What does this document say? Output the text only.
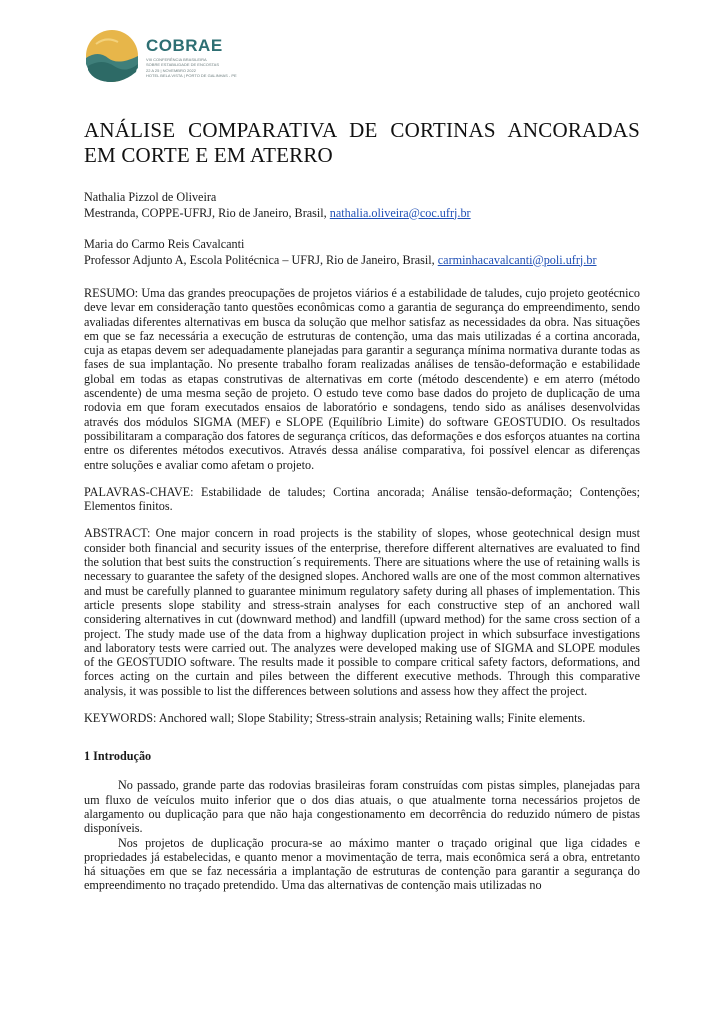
COBRAE
VIII CONFERÊNCIA BRASILEIRA
SOBRE ESTABILIDADE DE ENCOSTAS
22 A 25 | NOVEMBRO 2022
HOTEL BELA VISTA | PORTO DE GALINHAS - PE
ANÁLISE COMPARATIVA DE CORTINAS ANCORADAS EM CORTE E EM ATERRO
Nathalia Pizzol de Oliveira
Mestranda, COPPE-UFRJ, Rio de Janeiro, Brasil, nathalia.oliveira@coc.ufrj.br
Maria do Carmo Reis Cavalcanti
Professor Adjunto A, Escola Politécnica – UFRJ, Rio de Janeiro, Brasil, carminhacavalcanti@poli.ufrj.br

RESUMO: Uma das grandes preocupações de projetos viários é a estabilidade de taludes, cujo projeto geotécnico deve levar em consideração tanto questões econômicas como a garantia de segurança do empreendimento, sendo avaliadas diferentes alternativas em busca da solução que melhor satisfaz as necessidades da obra. Nas situações em que se faz necessária a execução de estruturas de contenção, uma das mais utilizadas é a cortina ancorada, cuja as etapas devem ser adequadamente planejadas para garantir a segurança mínima normativa durante todas as fases de sua implantação. No presente trabalho foram realizadas análises de tensão-deformação e estabilidade global em todas as etapas construtivas de alternativas em corte (método descendente) e em aterro (método ascendente) de uma mesma seção de projeto. O estudo teve como base dados do projeto de duplicação de uma rodovia em que foram executados ensaios de laboratório e sondagens, tendo sido as análises desenvolvidas através dos módulos SIGMA (MEF) e SLOPE (Equilíbrio Limite) do software GEOSTUDIO. Os resultados possibilitaram a comparação dos fatores de segurança críticos, das deformações e dos esforços atuantes na cortina entre os diferentes métodos executivos. Através dessa análise comparativa, foi possível elencar as diferenças entre soluções e avaliar como afetam o projeto.

PALAVRAS-CHAVE: Estabilidade de taludes; Cortina ancorada; Análise tensão-deformação; Contenções; Elementos finitos.

ABSTRACT: One major concern in road projects is the stability of slopes, whose geotechnical design must consider both financial and security issues of the enterprise, therefore different alternatives are evaluated to find the solution that best suits the construction´s requirements. There are situations where the use of retaining walls is necessary to guarantee the safety of the designed slopes. Anchored walls are one of the most common alternatives and must be carefully planned to guarantee minimum regulatory safety during all phases of implementation. This article presents slope stability and stress-strain analyses for each constructive step of an anchored wall considering alternatives in cut (downward method) and landfill (upward method) for the same cross section of a project. The study made use of the data from a highway duplication project in which subsurface investigations and laboratory tests were carried out. The analyzes were developed making use of SIGMA and SLOPE modules of the GEOSTUDIO software. The results made it possible to compare critical safety factors, deformations, and forces acting on the curtain and piles between the different executive methods. Through this comparative analysis, it was possible to list the differences between solutions and assess how they affect the project.

KEYWORDS: Anchored wall; Slope Stability; Stress-strain analysis; Retaining walls; Finite elements.

1 Introdução

No passado, grande parte das rodovias brasileiras foram construídas com pistas simples, planejadas para um fluxo de veículos muito inferior que o dos dias atuais, o que atualmente torna necessários projetos de alargamento ou duplicação para que não haja congestionamento em decorrência do reduzido número de pistas disponíveis.

Nos projetos de duplicação procura-se ao máximo manter o traçado original que liga cidades e propriedades já estabelecidas, e quanto menor a movimentação de terra, mais econômica será a obra, entretanto há situações em que se faz necessária a implantação de estruturas de contenção para garantir a segurança do empreendimento no traçado pretendido. Uma das alternativas de contenção mais utilizadas no
